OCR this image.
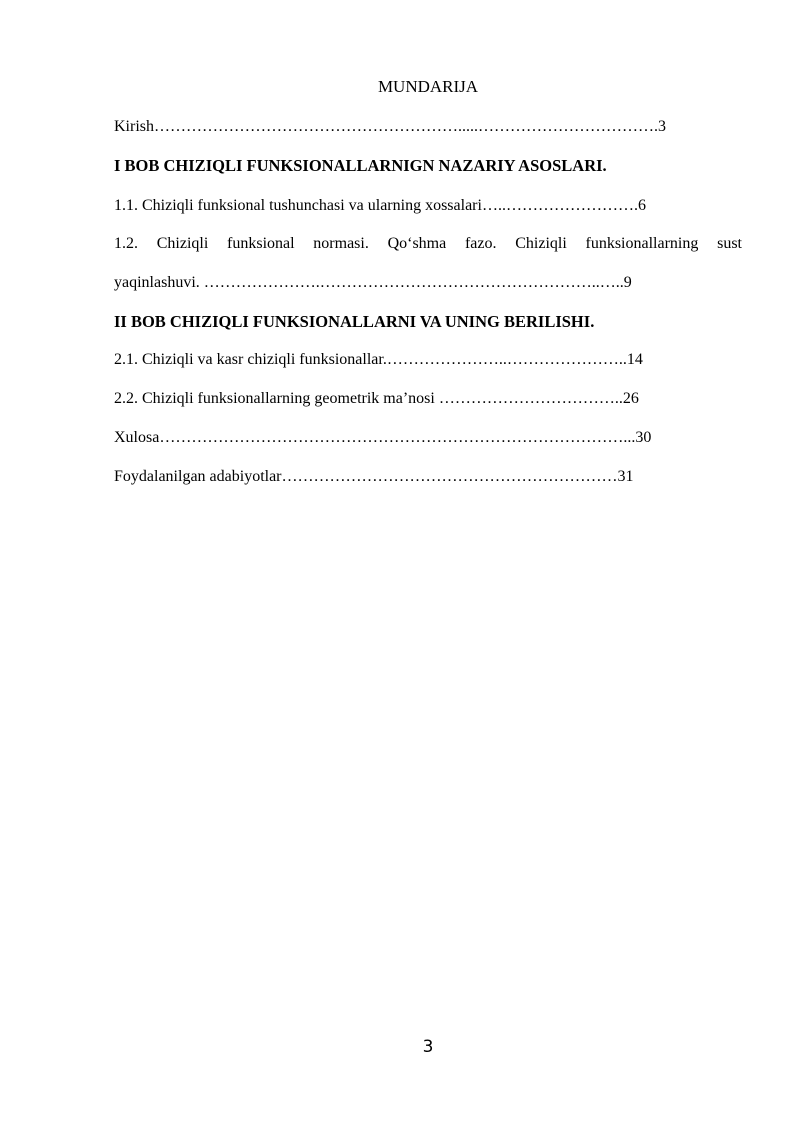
MUNDARIJA
Kirish………………………………………………….....…………………………….3
I BOB CHIZIQLI FUNKSIONALLARNIGN NAZARIY ASOSLARI.
1.1. Chiziqli funksional tushunchasi va ularning xossalari…..…………………….6
1.2. Chiziqli funksional normasi. Qo‘shma fazo. Chiziqli funksionallarning sust
yaqinlashuvi. ………………….……………………………………………..…..9
II BOB CHIZIQLI FUNKSIONALLARNI VA UNING BERILISHI.
2.1. Chiziqli va kasr chiziqli funksionallar.…………………..…………………..14
2.2. Chiziqli funksionallarning geometrik ma’nosi ……………………………..26
Xulosa……………………………………………………………………………...30
Foydalanilgan adabiyotlar………………………………………………………31
3
